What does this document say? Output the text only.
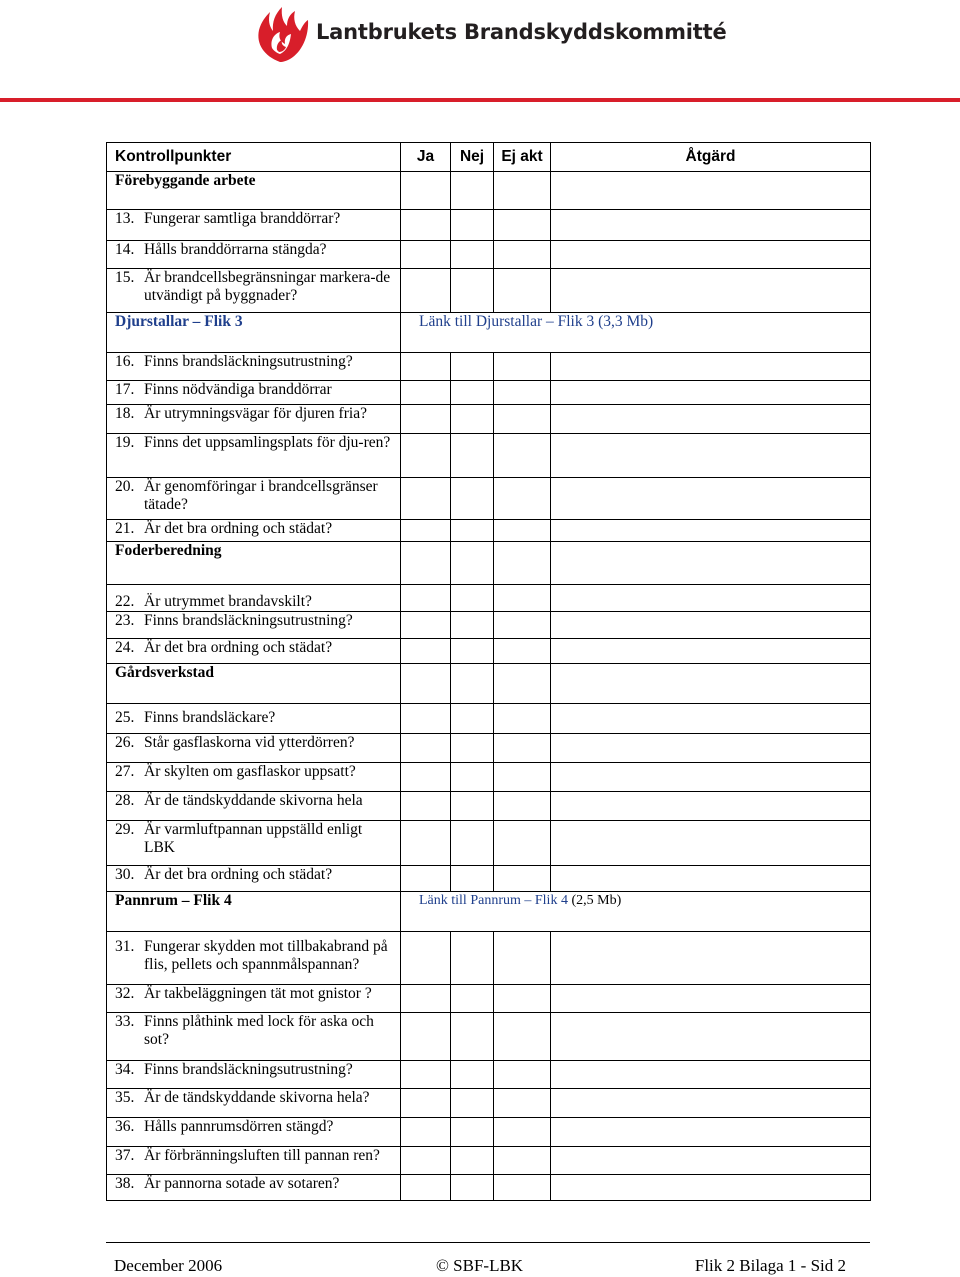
Lantbrukets Brandskyddskommitté
Kontrollpunkter	Ja	Nej	Ej akt	Åtgärd
Förebyggande arbete				

13. Fungerar samtliga branddörrar?				

14. Hålls branddörrarna stängda?				

15. Är brandcellsbegränsningar markera-de utvändigt på byggnader?				

Djurstallar – Flik 3	Länk till Djurstallar – Flik 3 (3,3 Mb)			

16. Finns brandsläckningsutrustning?				

17. Finns nödvändiga branddörrar				

18. Är utrymningsvägar för djuren fria?				

19. Finns det uppsamlingsplats för dju-ren?				

20. Är genomföringar i brandcellsgränser tätade?				

21. Är det bra ordning och städat?				

Foderberedning				

22. Är utrymmet brandavskilt?				

23. Finns brandsläckningsutrustning?				

24. Är det bra ordning och städat?				

Gårdsverkstad				

25. Finns brandsläckare?				

26. Står gasflaskorna vid ytterdörren?				

27. Är skylten om gasflaskor uppsatt?				

28. Är de tändskyddande skivorna hela				

29. Är varmluftpannan uppställd enligt LBK				

30. Är det bra ordning och städat?				

Pannrum – Flik 4	Länk till Pannrum – Flik 4 (2,5 Mb)			

31. Fungerar skydden mot tillbakabrand på flis, pellets och spannmålspannan?				

32. Är takbeläggningen tät mot gnistor ?				

33. Finns plåthink med lock för aska och sot?				

34. Finns brandsläckningsutrustning?				

35. Är de tändskyddande skivorna hela?				

36. Hålls pannrumsdörren stängd?				

37. Är förbränningsluften till pannan ren?				

38. Är pannorna sotade av sotaren?				

December 2006	© SBF-LBK	Flik 2 Bilaga 1 - Sid 2
